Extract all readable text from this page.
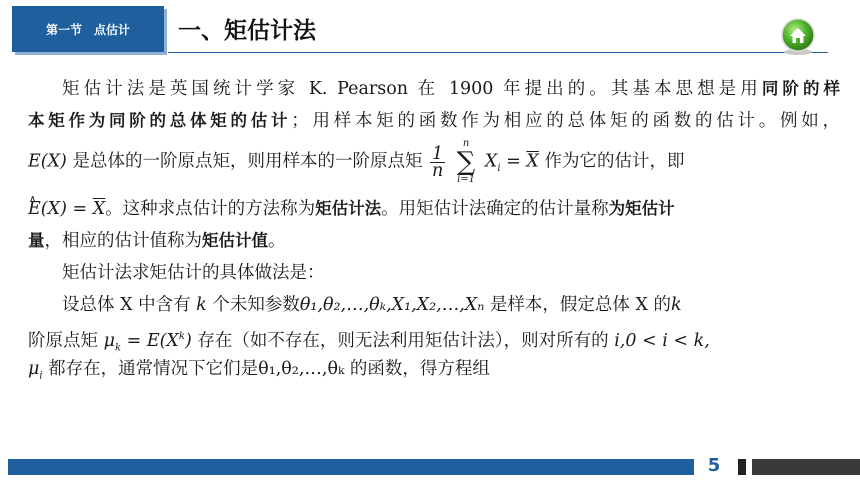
第一节 点估计 一、矩估计法
矩估计法是英国统计学家 K. Pearson 在 1900 年提出的。其基本思想是用同阶的样
本矩作为同阶的总体矩的估计；用样本矩的函数作为相应的总体矩的函数的估计。例如，
E(X) 是总体的一阶原点矩，则用样本的一阶原点矩 $\frac{1}{n}$

n
∑
i=1
$X_i = \overline{X}$ 作为它的估计，即
∧ $E(X) = \overline{X}$。这种求点估计的方法称为矩估计法。用矩估计法确定的估计量称为矩估计
量，相应的估计值称为矩估计值。
矩估计法求矩估计的具体做法是：
设总体 X 中含有 k 个未知参数θ₁,θ₂,…,θₖ,X₁,X₂,…,Xₙ 是样本，假定总体 X 的k
阶原点矩 $\mu_k = E(X^k)$ 存在（如不存在，则无法利用矩估计法），则对所有的 i,0 < i < k,
$\mu_i$ 都存在，通常情况下它们是θ₁,θ₂,…,θₖ 的函数，得方程组
5
